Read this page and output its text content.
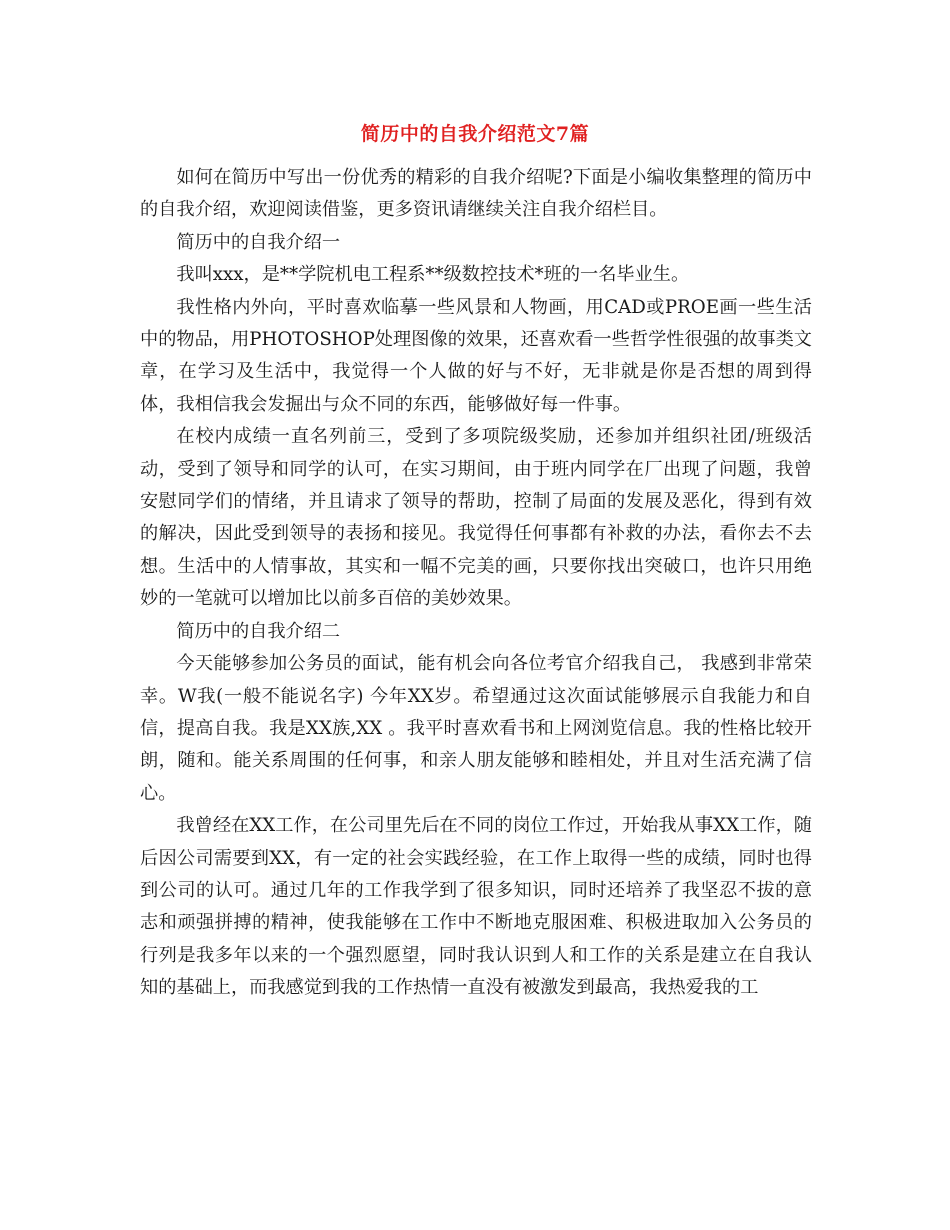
简历中的自我介绍范文7篇

如何在简历中写出一份优秀的精彩的自我介绍呢?下面是小编收集整理的简历中的自我介绍，欢迎阅读借鉴，更多资讯请继续关注自我介绍栏目。

简历中的自我介绍一

我叫xxx，是**学院机电工程系**级数控技术*班的一名毕业生。

我性格内外向，平时喜欢临摹一些风景和人物画，用CAD或PROE画一些生活中的物品，用PHOTOSHOP处理图像的效果，还喜欢看一些哲学性很强的故事类文章，在学习及生活中，我觉得一个人做的好与不好，无非就是你是否想的周到得体，我相信我会发掘出与众不同的东西，能够做好每一件事。

在校内成绩一直名列前三，受到了多项院级奖励，还参加并组织社团/班级活动，受到了领导和同学的认可，在实习期间，由于班内同学在厂出现了问题，我曾安慰同学们的情绪，并且请求了领导的帮助，控制了局面的发展及恶化，得到有效的解决，因此受到领导的表扬和接见。我觉得任何事都有补救的办法，看你去不去想。生活中的人情事故，其实和一幅不完美的画，只要你找出突破口，也许只用绝妙的一笔就可以增加比以前多百倍的美妙效果。

简历中的自我介绍二

今天能够参加公务员的面试，能有机会向各位考官介绍我自己， 我感到非常荣幸。W我(一般不能说名字) 今年XX岁。希望通过这次面试能够展示自我能力和自信，提高自我。我是XX族,XX 。我平时喜欢看书和上网浏览信息。我的性格比较开朗，随和。能关系周围的任何事，和亲人朋友能够和睦相处，并且对生活充满了信心。

我曾经在XX工作，在公司里先后在不同的岗位工作过，开始我从事XX工作，随后因公司需要到XX，有一定的社会实践经验，在工作上取得一些的成绩，同时也得到公司的认可。通过几年的工作我学到了很多知识，同时还培养了我坚忍不拔的意志和顽强拼搏的精神，使我能够在工作中不断地克服困难、积极进取加入公务员的行列是我多年以来的一个强烈愿望，同时我认识到人和工作的关系是建立在自我认知的基础上，而我感觉到我的工作热情一直没有被激发到最高，我热爱我的工
